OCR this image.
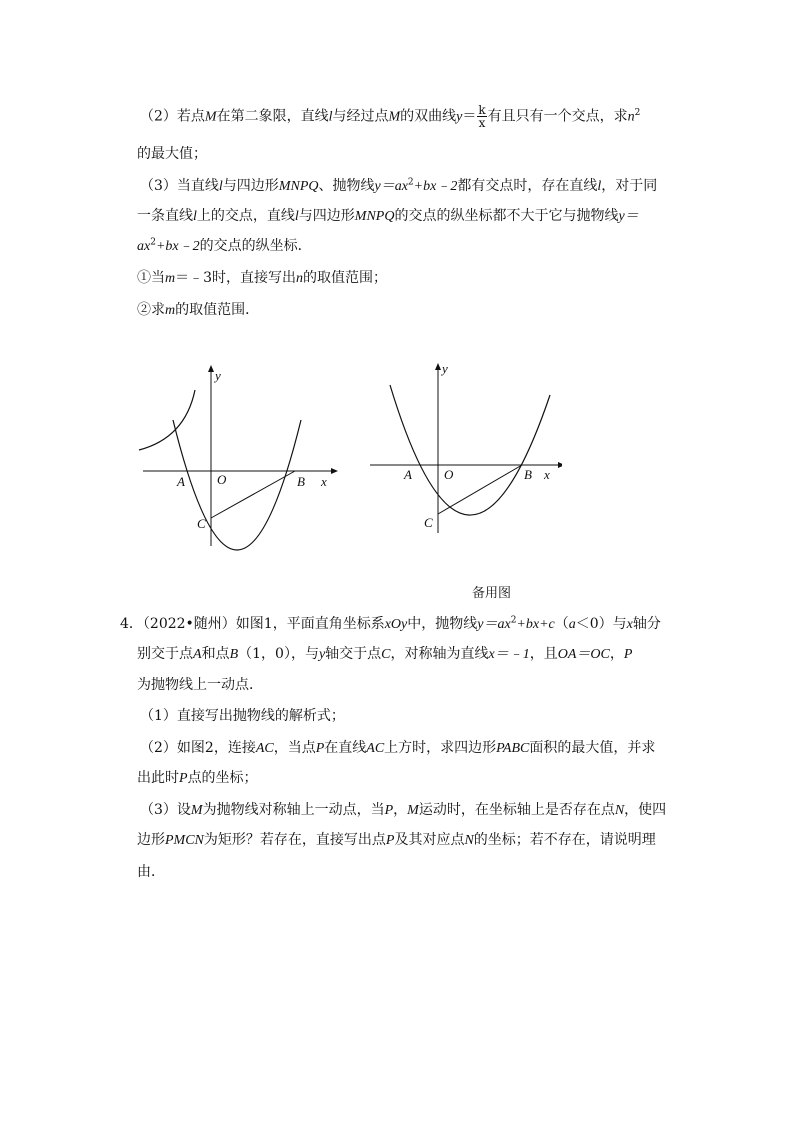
（2）若点M在第二象限，直线l与经过点M的双曲线$y= \frac{k}{x}$ 有且只有一个交点，求$n^2$
的最大值；
（3）当直线l与四边形MNPQ、抛物线$y=ax^2+bx﹣2$都有交点时，存在直线l，对于同
一条直线l上的交点，直线l与四边形MNPQ的交点的纵坐标都不大于它与抛物线y＝
$ax^2+bx﹣2$的交点的纵坐标．
①当m＝﹣3时，直接写出n的取值范围；
②求m的取值范围．
y
x
O
A	B
C
y
x
O
A	B
C
备用图
4．（2022•随州）如图1，平面直角坐标系xOy中，抛物线$y=ax^2+bx+c(a<0)$与x轴分
别交于点A和点B（1，0），与y轴交于点C，对称轴为直线x＝﹣1，且OA＝OC，P
为抛物线上一动点．
（1）直接写出抛物线的解析式；
（2）如图2，连接AC，当点P在直线AC上方时，求四边形PABC面积的最大值，并求
出此时P点的坐标；
（3）设M为抛物线对称轴上一动点，当P，M运动时，在坐标轴上是否存在点N，使四
边形PMCN为矩形？若存在，直接写出点P及其对应点N的坐标；若不存在，请说明理
由．
